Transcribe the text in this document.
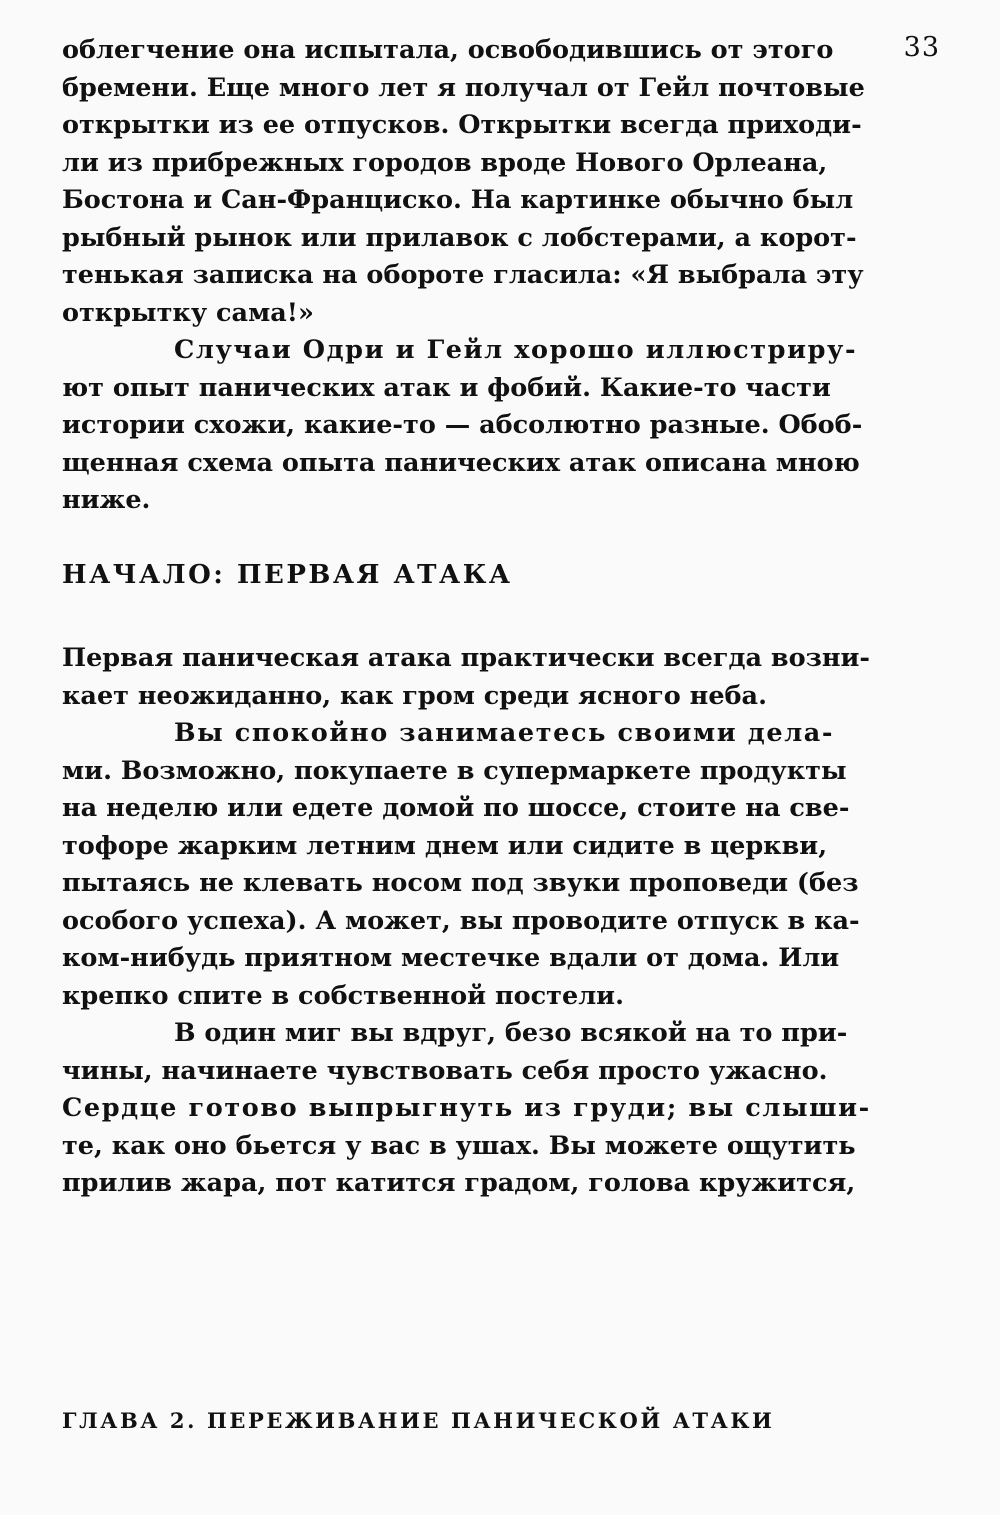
33
облегчение она испытала, освободившись от этого
бремени. Еще много лет я получал от Гейл почтовые
открытки из ее отпусков. Открытки всегда приходи-
ли из прибрежных городов вроде Нового Орлеана,
Бостона и Сан-Франциско. На картинке обычно был
рыбный рынок или прилавок с лобстерами, а корот-
тенькая записка на обороте гласила: «Я выбрала эту
открытку сама!»
Случаи Одри и Гейл хорошо иллюстриру-
ют опыт панических атак и фобий. Какие-то части
истории схожи, какие-то — абсолютно разные. Обоб-
щенная схема опыта панических атак описана мною
ниже.
НАЧАЛО: ПЕРВАЯ АТАКА
Первая паническая атака практически всегда возни-
кает неожиданно, как гром среди ясного неба.
Вы спокойно занимаетесь своими дела-
ми. Возможно, покупаете в супермаркете продукты
на неделю или едете домой по шоссе, стоите на све-
тофоре жарким летним днем или сидите в церкви,
пытаясь не клевать носом под звуки проповеди (без
особого успеха). А может, вы проводите отпуск в ка-
ком-нибудь приятном местечке вдали от дома. Или
крепко спите в собственной постели.
В один миг вы вдруг, безо всякой на то при-
чины, начинаете чувствовать себя просто ужасно.
Сердце готово выпрыгнуть из груди; вы слыши-
те, как оно бьется у вас в ушах. Вы можете ощутить
прилив жара, пот катится градом, голова кружится,
ГЛАВА 2. ПЕРЕЖИВАНИЕ ПАНИЧЕСКОЙ АТАКИ
